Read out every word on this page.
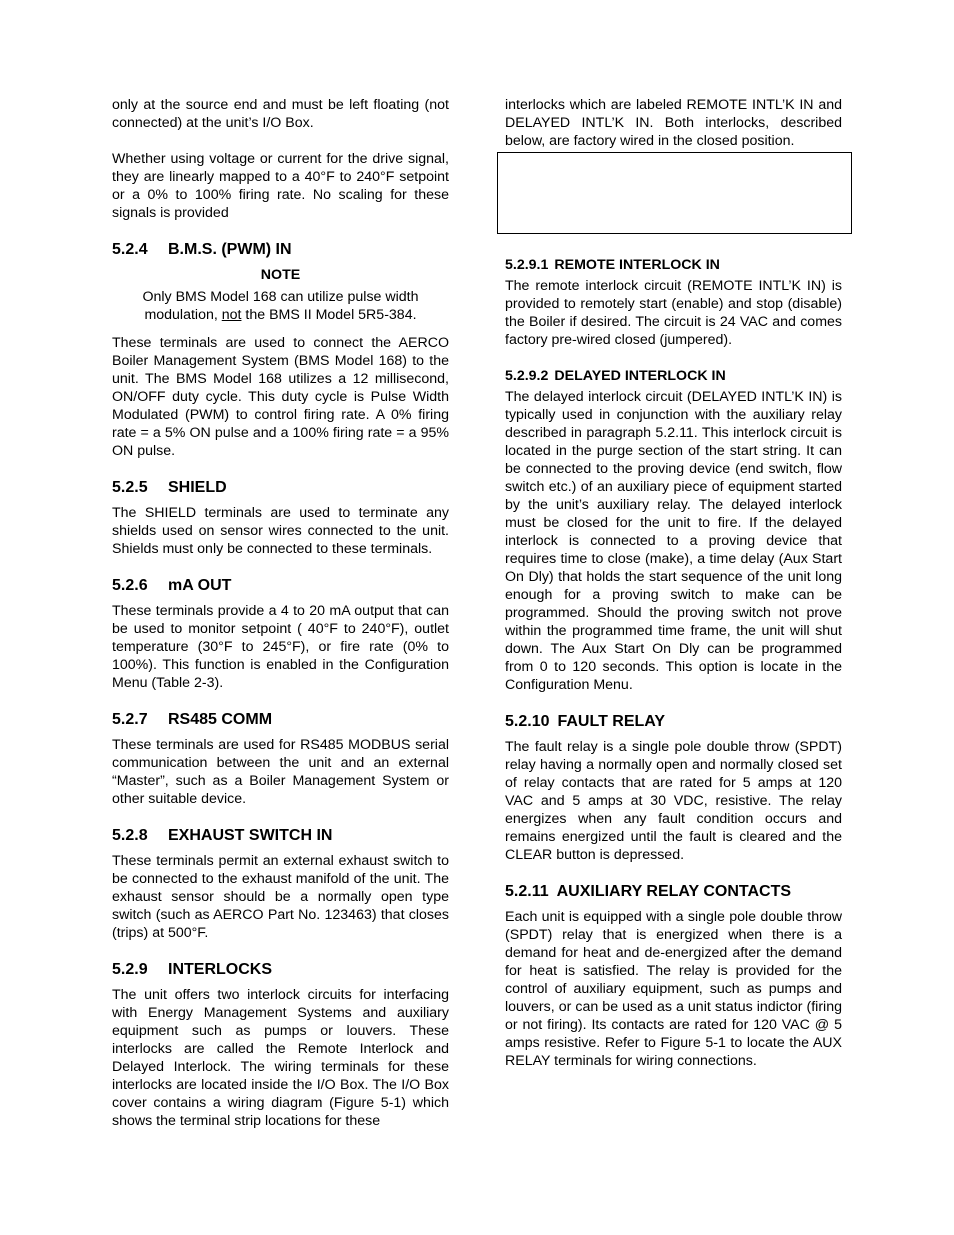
only at the source end and must be left floating (not connected) at the unit’s I/O Box.

Whether using voltage or current for the drive signal, they are linearly mapped to a 40°F to 240°F setpoint or a 0% to 100% firing rate. No scaling for these signals is provided

5.2.4 B.M.S. (PWM) IN
NOTE

Only BMS Model 168 can utilize pulse width modulation, not the BMS II Model 5R5-384.

These terminals are used to connect the AERCO Boiler Management System (BMS Model 168) to the unit. The BMS Model 168 utilizes a 12 millisecond, ON/OFF duty cycle. This duty cycle is Pulse Width Modulated (PWM) to control firing rate. A 0% firing rate = a 5% ON pulse and a 100% firing rate = a 95% ON pulse.

5.2.5 SHIELD

The SHIELD terminals are used to terminate any shields used on sensor wires connected to the unit. Shields must only be connected to these terminals.

5.2.6 mA OUT

These terminals provide a 4 to 20 mA output that can be used to monitor setpoint ( 40°F to 240°F), outlet temperature (30°F to 245°F), or fire rate (0% to 100%). This function is enabled in the Configuration Menu (Table 2-3).

5.2.7 RS485 COMM

These terminals are used for RS485 MODBUS serial communication between the unit and an external “Master”, such as a Boiler Management System or other suitable device.

5.2.8 EXHAUST SWITCH IN

These terminals permit an external exhaust switch to be connected to the exhaust manifold of the unit. The exhaust sensor should be a normally open type switch (such as AERCO Part No. 123463) that closes (trips) at 500°F.

5.2.9 INTERLOCKS

The unit offers two interlock circuits for interfacing with Energy Management Systems and auxiliary equipment such as pumps or louvers. These interlocks are called the Remote Interlock and Delayed Interlock. The wiring terminals for these interlocks are located inside the I/O Box. The I/O Box cover contains a wiring diagram (Figure 5-1) which shows the terminal strip locations for these

interlocks which are labeled REMOTE INTL’K IN and DELAYED INTL’K IN. Both interlocks, described below, are factory wired in the closed position.

5.2.9.1 REMOTE INTERLOCK IN

The remote interlock circuit (REMOTE INTL’K IN) is provided to remotely start (enable) and stop (disable) the Boiler if desired. The circuit is 24 VAC and comes factory pre-wired closed (jumpered).

5.2.9.2 DELAYED INTERLOCK IN

The delayed interlock circuit (DELAYED INTL’K IN) is typically used in conjunction with the auxiliary relay described in paragraph 5.2.11. This interlock circuit is located in the purge section of the start string. It can be connected to the proving device (end switch, flow switch etc.) of an auxiliary piece of equipment started by the unit’s auxiliary relay. The delayed interlock must be closed for the unit to fire. If the delayed interlock is connected to a proving device that requires time to close (make), a time delay (Aux Start On Dly) that holds the start sequence of the unit long enough for a proving switch to make can be programmed. Should the proving switch not prove within the programmed time frame, the unit will shut down. The Aux Start On Dly can be programmed from 0 to 120 seconds. This option is locate in the Configuration Menu.

5.2.10 FAULT RELAY

The fault relay is a single pole double throw (SPDT) relay having a normally open and normally closed set of relay contacts that are rated for 5 amps at 120 VAC and 5 amps at 30 VDC, resistive. The relay energizes when any fault condition occurs and remains energized until the fault is cleared and the CLEAR button is depressed.

5.2.11 AUXILIARY RELAY CONTACTS

Each unit is equipped with a single pole double throw (SPDT) relay that is energized when there is a demand for heat and de-energized after the demand for heat is satisfied. The relay is provided for the control of auxiliary equipment, such as pumps and louvers, or can be used as a unit status indictor (firing or not firing). Its contacts are rated for 120 VAC @ 5 amps resistive. Refer to Figure 5-1 to locate the AUX RELAY terminals for wiring connections.
